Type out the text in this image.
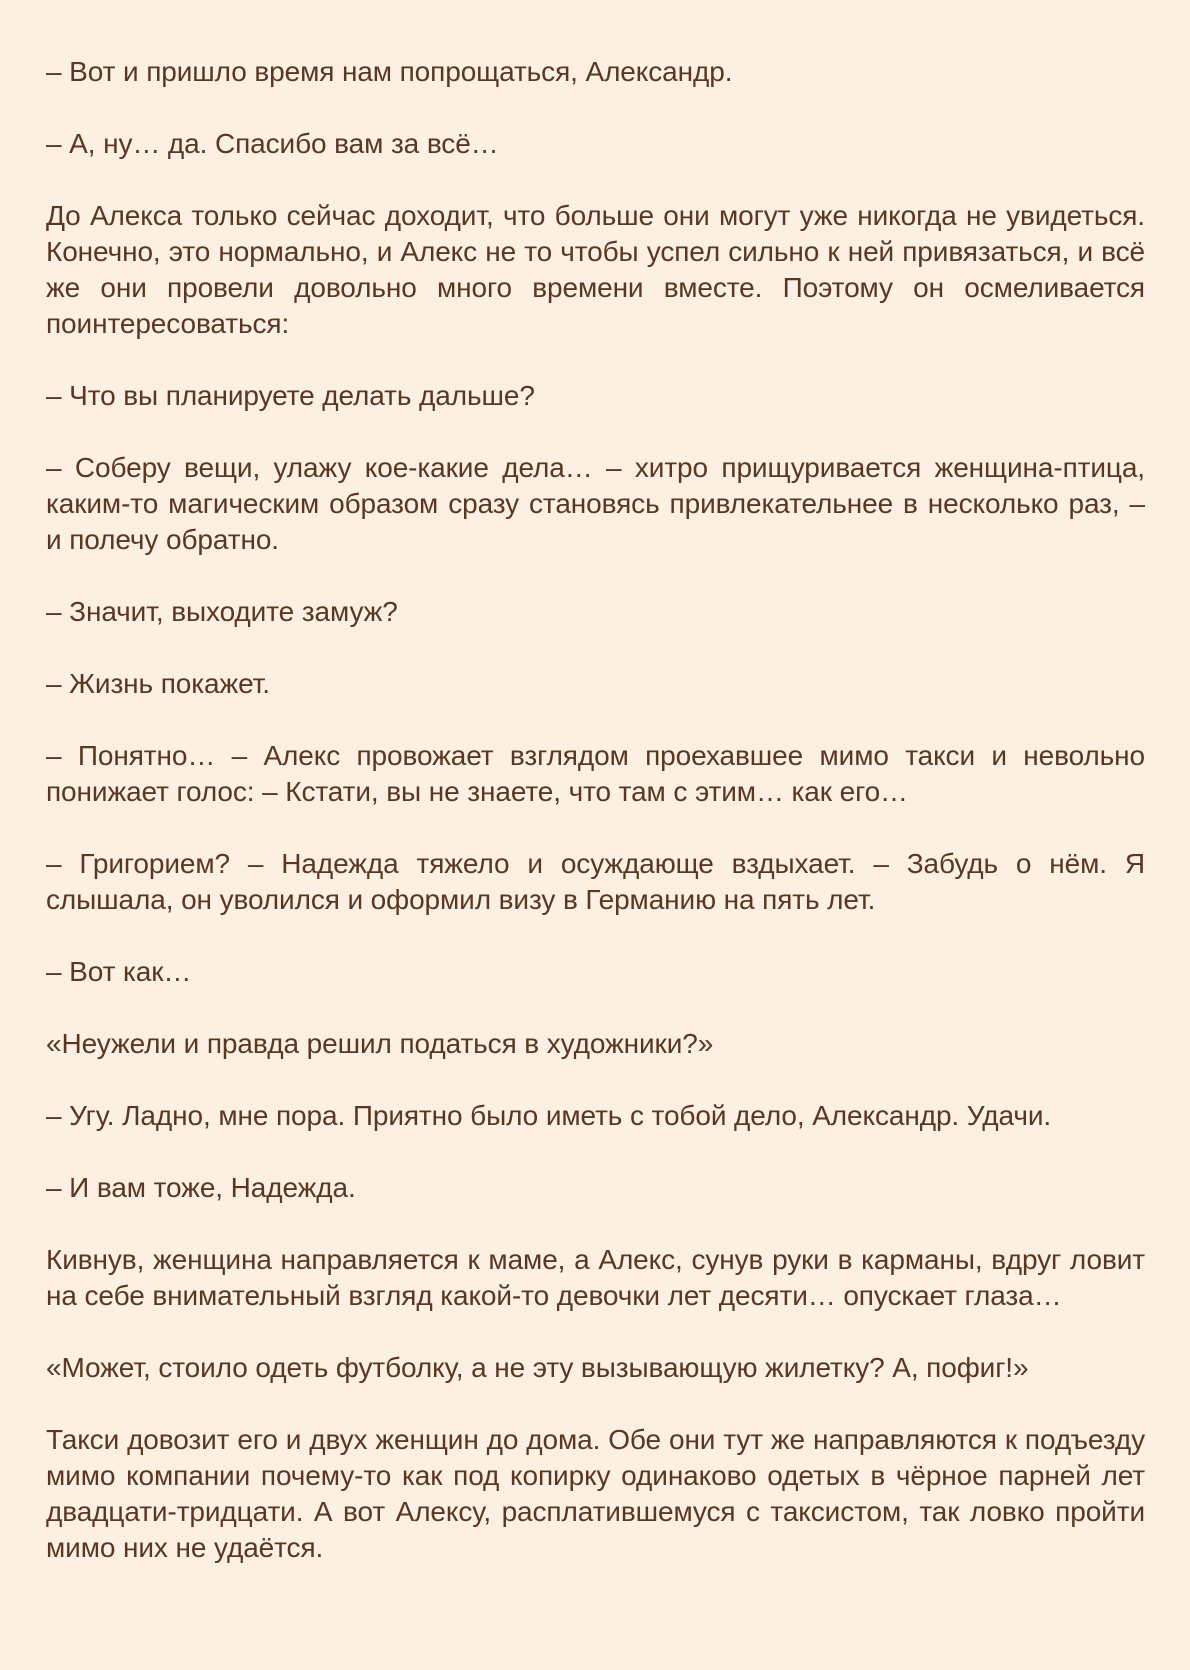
– Вот и пришло время нам попрощаться, Александр.

– А, ну… да. Спасибо вам за всё…

До Алекса только сейчас доходит, что больше они могут уже никогда не увидеться. Конечно, это нормально, и Алекс не то чтобы успел сильно к ней привязаться, и всё же они провели довольно много времени вместе. Поэтому он осмеливается поинтересоваться:

– Что вы планируете делать дальше?

– Соберу вещи, улажу кое-какие дела… – хитро прищуривается женщина-птица, каким-то магическим образом сразу становясь привлекательнее в несколько раз, – и полечу обратно.

– Значит, выходите замуж?

– Жизнь покажет.

– Понятно… – Алекс провожает взглядом проехавшее мимо такси и невольно понижает голос: – Кстати, вы не знаете, что там с этим… как его…

– Григорием? – Надежда тяжело и осуждающе вздыхает. – Забудь о нём. Я слышала, он уволился и оформил визу в Германию на пять лет.

– Вот как…

«Неужели и правда решил податься в художники?»

– Угу. Ладно, мне пора. Приятно было иметь с тобой дело, Александр. Удачи.

– И вам тоже, Надежда.

Кивнув, женщина направляется к маме, а Алекс, сунув руки в карманы, вдруг ловит на себе внимательный взгляд какой-то девочки лет десяти… опускает глаза…

«Может, стоило одеть футболку, а не эту вызывающую жилетку? А, пофиг!»

Такси довозит его и двух женщин до дома. Обе они тут же направляются к подъезду мимо компании почему-то как под копирку одинаково одетых в чёрное парней лет двадцати-тридцати. А вот Алексу, расплатившемуся с таксистом, так ловко пройти мимо них не удаётся.
